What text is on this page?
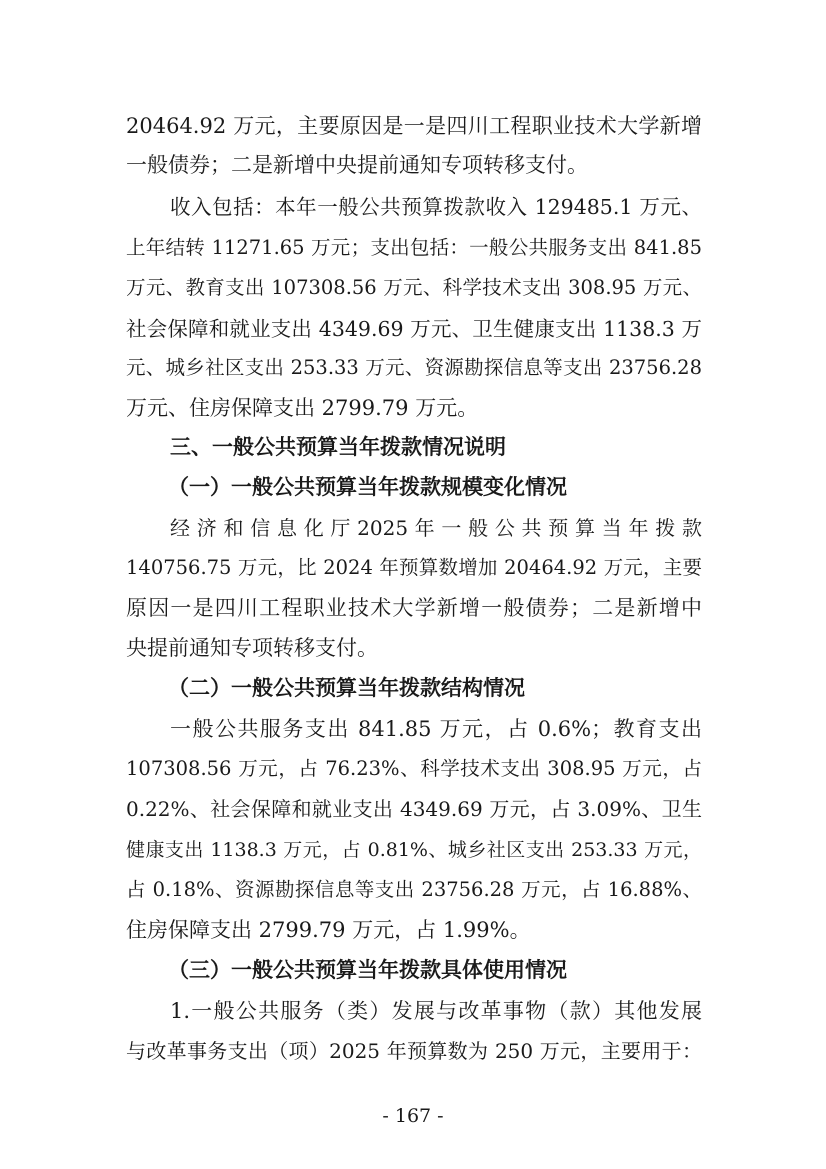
20464.92 万元，主要原因是一是四川工程职业技术大学新增
一般债券；二是新增中央提前通知专项转移支付。
收入包括：本年一般公共预算拨款收入 129485.1 万元、
上年结转 11271.65 万元；支出包括：一般公共服务支出 841.85
万元、教育支出 107308.56 万元、科学技术支出 308.95 万元、
社会保障和就业支出 4349.69 万元、卫生健康支出 1138.3 万
元、城乡社区支出 253.33 万元、资源勘探信息等支出 23756.28
万元、住房保障支出 2799.79 万元。
三、一般公共预算当年拨款情况说明
（一）一般公共预算当年拨款规模变化情况
经 济 和 信 息 化 厅 2025 年 一 般 公 共 预 算 当 年 拨 款
140756.75 万元，比 2024 年预算数增加 20464.92 万元，主要
原因一是四川工程职业技术大学新增一般债券；二是新增中
央提前通知专项转移支付。
（二）一般公共预算当年拨款结构情况
一般公共服务支出 841.85 万元，占 0.6%；教育支出
107308.56 万元，占 76.23%、科学技术支出 308.95 万元，占
0.22%、社会保障和就业支出 4349.69 万元，占 3.09%、卫生
健康支出 1138.3 万元，占 0.81%、城乡社区支出 253.33 万元，
占 0.18%、资源勘探信息等支出 23756.28 万元，占 16.88%、
住房保障支出 2799.79 万元，占 1.99%。
（三）一般公共预算当年拨款具体使用情况
1.一般公共服务（类）发展与改革事物（款）其他发展
与改革事务支出（项）2025 年预算数为 250 万元，主要用于：
- 167 -
